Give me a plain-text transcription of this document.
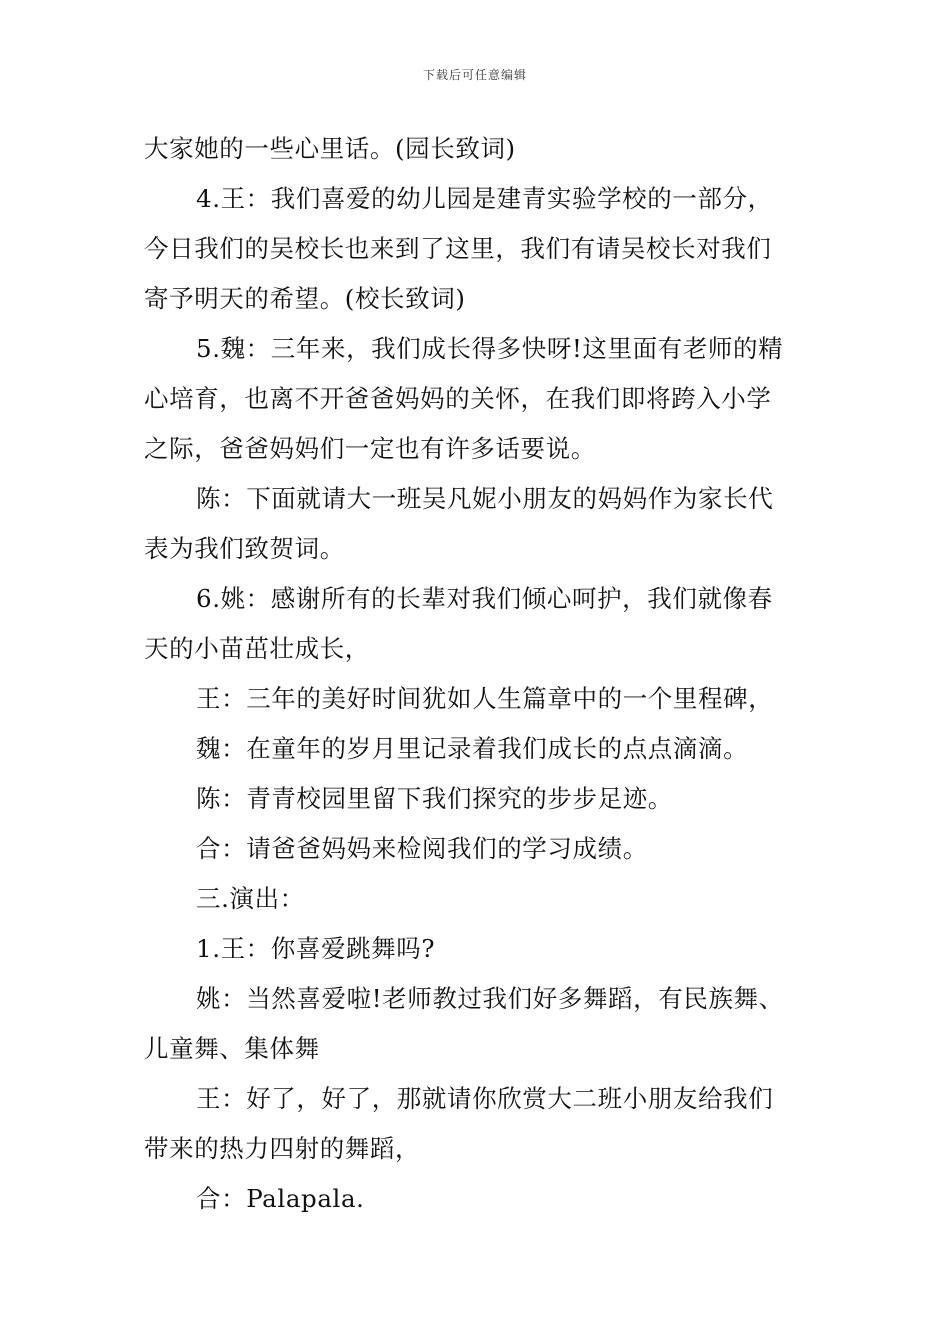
下载后可任意编辑
大家她的一些心里话。(园长致词)
4.王：我们喜爱的幼儿园是建青实验学校的一部分，
今日我们的吴校长也来到了这里，我们有请吴校长对我们
寄予明天的希望。(校长致词)
5.魏：三年来，我们成长得多快呀!这里面有老师的精
心培育，也离不开爸爸妈妈的关怀，在我们即将跨入小学
之际，爸爸妈妈们一定也有许多话要说。
陈：下面就请大一班吴凡妮小朋友的妈妈作为家长代
表为我们致贺词。
6.姚：感谢所有的长辈对我们倾心呵护，我们就像春
天的小苗茁壮成长，
王：三年的美好时间犹如人生篇章中的一个里程碑，
魏：在童年的岁月里记录着我们成长的点点滴滴。
陈：青青校园里留下我们探究的步步足迹。
合：请爸爸妈妈来检阅我们的学习成绩。
三.演出：
1.王：你喜爱跳舞吗?
姚：当然喜爱啦!老师教过我们好多舞蹈，有民族舞、
儿童舞、集体舞
王：好了，好了，那就请你欣赏大二班小朋友给我们
带来的热力四射的舞蹈，
合：Palapala.
